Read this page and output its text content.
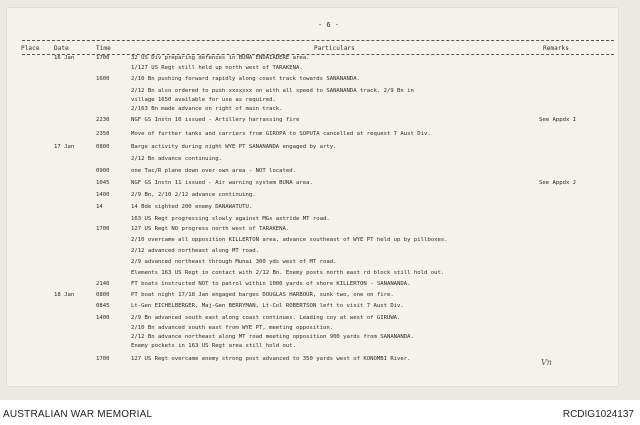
- 6 -
Place Date	Time	Particulars	Remarks
16 Jan	1700	32 US Div preparing defences in BUNA ENDAIADERE area.
1/127 US Regt still held up north west of TARAKENA.
1600	2/10 Bn pushing forward rapidly along coast track towards SANANANDA.
2/12 Bn also ordered to push xxxxxxx on with all speed to SANANANDA track. 2/9 Bn in
village 1650 available for use as required.
2/163 Bn made advance on right of main track.
2230	NGF GS Instn 10 issued - Artillery harrassing fire	See Appdx I
2350	Move of further tanks and carriers from GIROPA to SOPUTA cancelled at request 7 Aust Div.
17 Jan	0800	Barge activity during night WYE PT SANANANDA engaged by arty.
2/12 Bn advance continuing.
0900	one Tac/R plane down over own area - NOT located.
1045	NGF GS Instn 11 issued - Air warning system BUNA area.	See Appdx J
1400	2/9 Bn, 2/10 2/12 advance continuing.
14	14 Bde sighted 200 enemy DANAWATUTU.
163 US Regt progressing slowly against MGs astride MT road.
1700	127 US Regt NO progress north west of TARAKENA.
2/10 overcame all opposition KILLERTON area, advance southeast of WYE PT held up by pillboxes.
2/12 advanced northeast along MT road.
2/9 advanced northeast through Munai 300 yds west of MT road.
Elements 163 US Regt in contact with 2/12 Bn. Enemy posts north east rd block still hold out.
2140	FT boats instructed NOT to patrol within 1000 yards of shore KILLERTON - SANANANDA.
18 Jan	0800	PT boat night 17/18 Jan engaged barges DOUGLAS HARBOUR, sunk two, one on fire.
0845	Lt-Gen EICHELBERGER, Maj-Gen BERRYMAN, Lt-Col ROBERTSON left to visit 7 Aust Div.
1400	2/9 Bn advanced south east along coast continues. Leading coy at west of GIRUWA.
2/10 Bn advanced south east from WYE PT, meeting opposition.
2/12 Bn advance northeast along MT road meeting opposition 900 yards from SANANANDA.
Enemy pockets in 163 US Regt area still hold out.
1700	127 US Regt overcame enemy strong post advanced to 350 yards west of KONOMBI River.	Vn
AUSTRALIAN WAR MEMORIAL	RCDIG1024137
